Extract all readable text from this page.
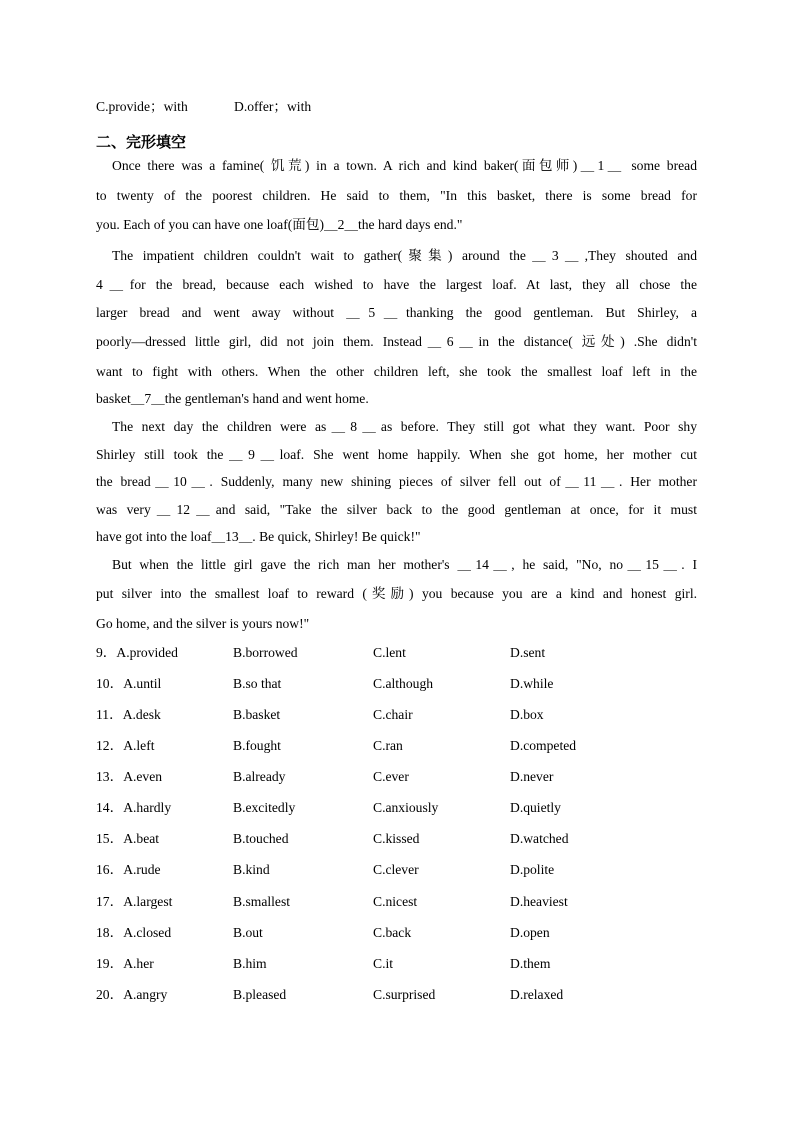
C.provide；with	D.offer；with
二、完形填空
Once there was a famine( 饥荒) in a town. A rich and kind baker(面包师)＿1＿ some bread
to twenty of the poorest children. He said to them, "In this basket, there is some bread for
you. Each of you can have one loaf(面包)＿2＿the hard days end."
The impatient children couldn't wait to gather(聚集) around the＿3＿,They shouted and
4＿for the bread, because each wished to have the largest loaf. At last, they all chose the
larger bread and went away without ＿5＿thanking the good gentleman. But Shirley, a
poorly—dressed little girl, did not join them. Instead＿6＿in the distance( 远处) .She didn't
want to fight with others. When the other children left, she took the smallest loaf left in the
basket＿7＿the gentleman's hand and went home.
The next day the children were as＿8＿as before. They still got what they want. Poor shy
Shirley still took the＿9＿loaf. She went home happily. When she got home, her mother cut
the bread＿10＿. Suddenly, many new shining pieces of silver fell out of＿11＿. Her mother
was very＿12＿and said, "Take the silver back to the good gentleman at once, for it must
have got into the loaf＿13＿. Be quick, Shirley! Be quick!"
But when the little girl gave the rich man her mother's ＿14＿, he said, "No, no＿15＿. I
put silver into the smallest loaf to reward (奖励) you because you are a kind and honest girl.
Go home, and the silver is yours now!"
9．A.provided	B.borrowed	C.lent	D.sent
10．A.until	B.so that	C.although	D.while
11．A.desk	B.basket	C.chair	D.box
12．A.left	B.fought	C.ran	D.competed
13．A.even	B.already	C.ever	D.never
14．A.hardly	B.excitedly	C.anxiously	D.quietly
15．A.beat	B.touched	C.kissed	D.watched
16．A.rude	B.kind	C.clever	D.polite
17．A.largest	B.smallest	C.nicest	D.heaviest
18．A.closed	B.out	C.back	D.open
19．A.her	B.him	C.it	D.them
20．A.angry	B.pleased	C.surprised	D.relaxed
